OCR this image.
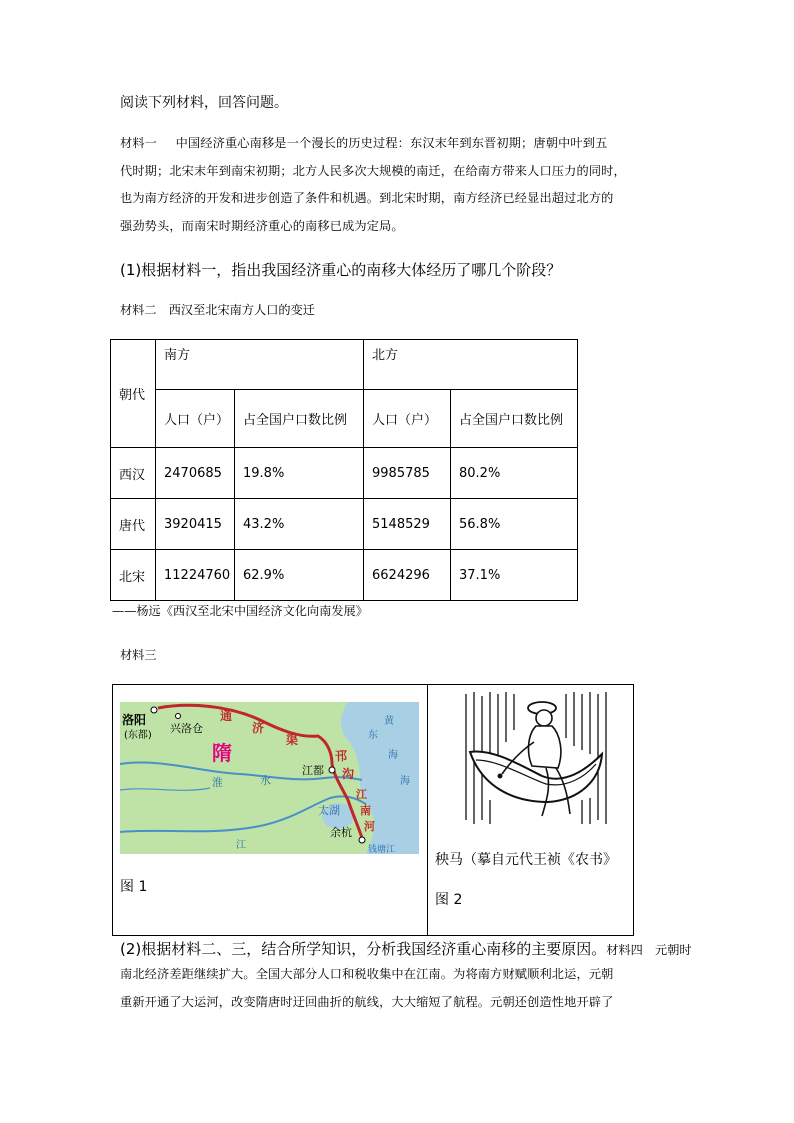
阅读下列材料，回答问题。

材料一　  中国经济重心南移是一个漫长的历史过程：东汉末年到东晋初期；唐朝中叶到五
代时期；北宋末年到南宋初期；北方人民多次大规模的南迁，在给南方带来人口压力的同时，
也为南方经济的开发和进步创造了条件和机遇。到北宋时期，南方经济已经显出超过北方的
强劲势头，而南宋时期经济重心的南移已成为定局。

(1)根据材料一，指出我国经济重心的南移大体经历了哪几个阶段？

材料二　西汉至北宋南方人口的变迁

朝代	南方		北方	
	人口（户）	占全国户口数比例	人口（户）	占全国户口数比例
西汉	2470685	19.8%	9985785	80.2%
唐代	3920415	43.2%	5148529	56.8%
北宋	11224760	62.9%	6624296	37.1%
——杨远《西汉至北宋中国经济文化向南发展》

材料三

洛阳
(东都)
兴洛仓
隋
通
济
渠
淮	水
邗
沟
江都
江
南
河
太湖
余杭
钱塘江
黄
海
东
海
江
图 1
秧马（摹自元代王祯《农书》
图 2
(2)根据材料二、三，结合所学知识，分析我国经济重心南移的主要原因。材料四　 元朝时
南北经济差距继续扩大。全国大部分人口和税收集中在江南。为将南方财赋顺利北运，元朝
重新开通了大运河，改变隋唐时迂回曲折的航线，大大缩短了航程。元朝还创造性地开辟了
